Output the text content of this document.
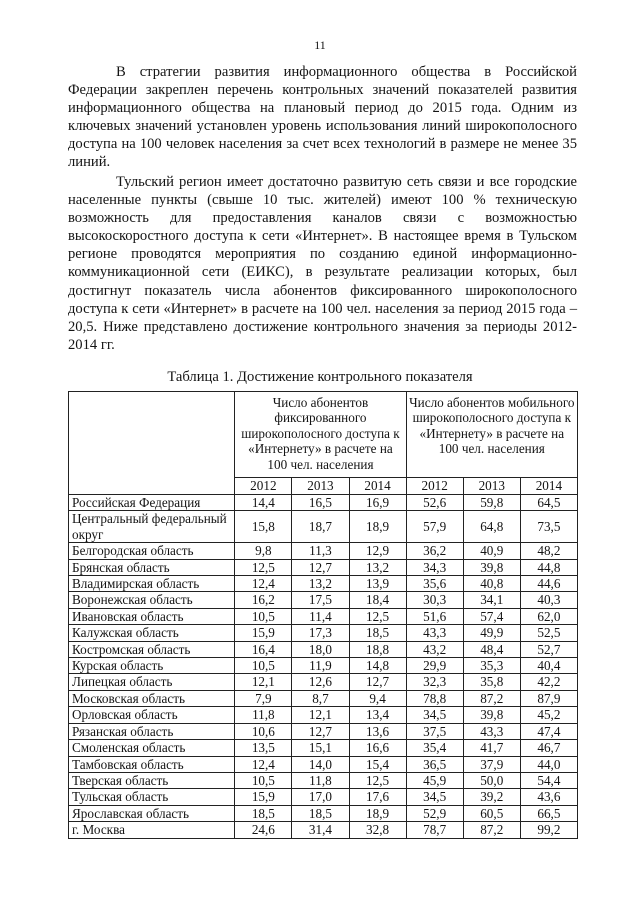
11

В стратегии развития информационного общества в Российской Федерации закреплен перечень контрольных значений показателей развития информационного общества на плановый период до 2015 года. Одним из ключевых значений установлен уровень использования линий широкополосного доступа на 100 человек населения за счет всех технологий в размере не менее 35 линий.

Тульский регион имеет достаточно развитую сеть связи и все городские населенные пункты (свыше 10 тыс. жителей) имеют 100 % техническую возможность для предоставления каналов связи с возможностью высокоскоростного доступа к сети «Интернет». В настоящее время в Тульском регионе проводятся мероприятия по созданию единой информационно-коммуникационной сети (ЕИКС), в результате реализации которых, был достигнут показатель числа абонентов фиксированного широкополосного доступа к сети «Интернет» в расчете на 100 чел. населения за период 2015 года – 20,5. Ниже представлено достижение контрольного значения за периоды 2012-2014 гг.

Таблица 1. Достижение контрольного показателя
	Число абонентов фиксированного широкополосного доступа к «Интернету» в расчете на 100 чел. населения			Число абонентов мобильного широкополосного доступа к «Интернету» в расчете на 100 чел. населения		
	2012	2013	2014	2012	2013	2014
Российская Федерация	14,4	16,5	16,9	52,6	59,8	64,5
Центральный федеральный округ	15,8	18,7	18,9	57,9	64,8	73,5
Белгородская область	9,8	11,3	12,9	36,2	40,9	48,2
Брянская область	12,5	12,7	13,2	34,3	39,8	44,8
Владимирская область	12,4	13,2	13,9	35,6	40,8	44,6
Воронежская область	16,2	17,5	18,4	30,3	34,1	40,3
Ивановская область	10,5	11,4	12,5	51,6	57,4	62,0
Калужская область	15,9	17,3	18,5	43,3	49,9	52,5
Костромская область	16,4	18,0	18,8	43,2	48,4	52,7
Курская область	10,5	11,9	14,8	29,9	35,3	40,4
Липецкая область	12,1	12,6	12,7	32,3	35,8	42,2
Московская область	7,9	8,7	9,4	78,8	87,2	87,9
Орловская область	11,8	12,1	13,4	34,5	39,8	45,2
Рязанская область	10,6	12,7	13,6	37,5	43,3	47,4
Смоленская область	13,5	15,1	16,6	35,4	41,7	46,7
Тамбовская область	12,4	14,0	15,4	36,5	37,9	44,0
Тверская область	10,5	11,8	12,5	45,9	50,0	54,4
Тульская область	15,9	17,0	17,6	34,5	39,2	43,6
Ярославская область	18,5	18,5	18,9	52,9	60,5	66,5
г. Москва	24,6	31,4	32,8	78,7	87,2	99,2
